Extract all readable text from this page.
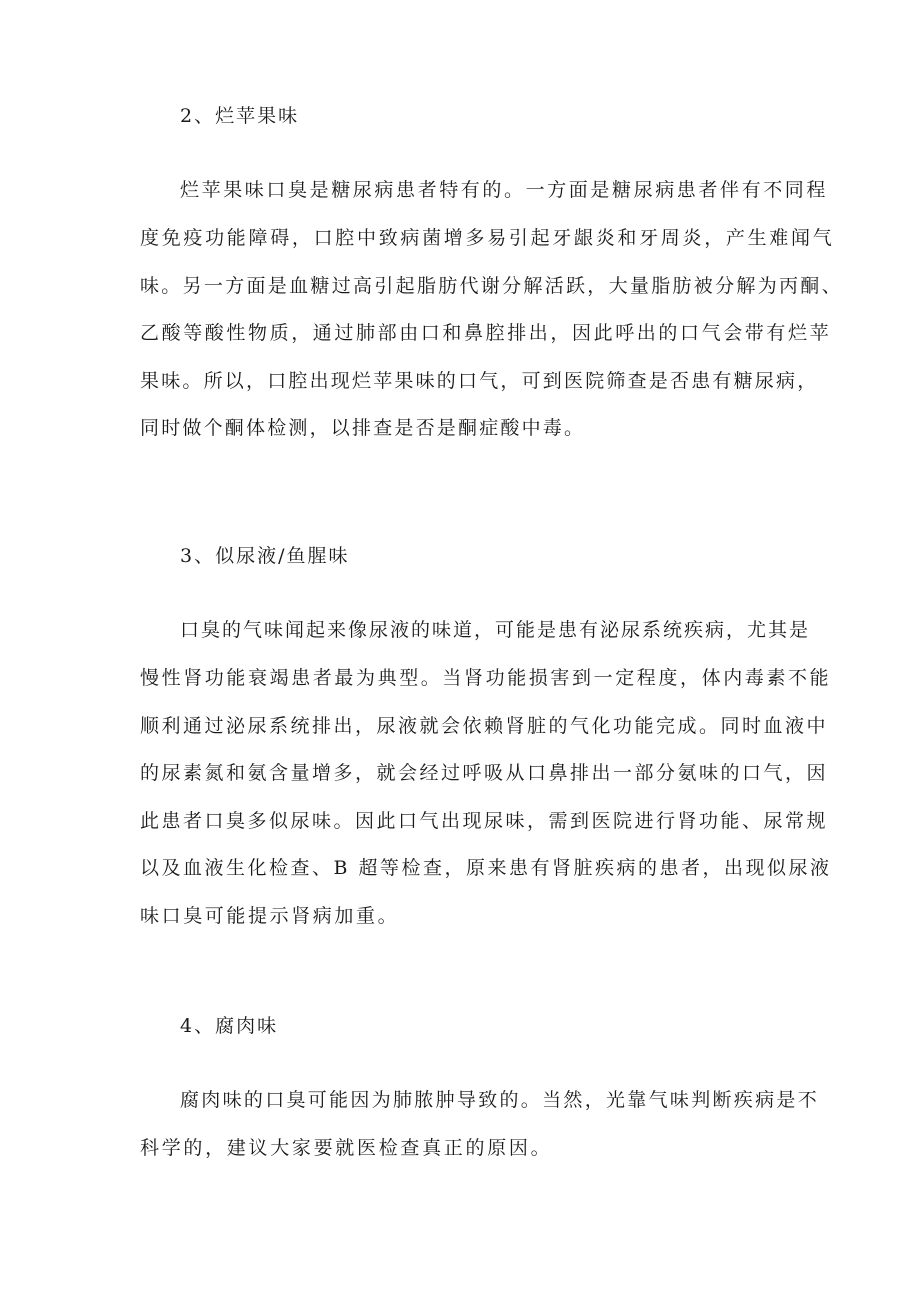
2、烂苹果味
烂苹果味口臭是糖尿病患者特有的。一方面是糖尿病患者伴有不同程
度免疫功能障碍，口腔中致病菌增多易引起牙龈炎和牙周炎，产生难闻气
味。另一方面是血糖过高引起脂肪代谢分解活跃，大量脂肪被分解为丙酮、
乙酸等酸性物质，通过肺部由口和鼻腔排出，因此呼出的口气会带有烂苹
果味。所以，口腔出现烂苹果味的口气，可到医院筛查是否患有糖尿病，
同时做个酮体检测，以排查是否是酮症酸中毒。
3、似尿液/鱼腥味
口臭的气味闻起来像尿液的味道，可能是患有泌尿系统疾病，尤其是
慢性肾功能衰竭患者最为典型。当肾功能损害到一定程度，体内毒素不能
顺利通过泌尿系统排出，尿液就会依赖肾脏的气化功能完成。同时血液中
的尿素氮和氨含量增多，就会经过呼吸从口鼻排出一部分氨味的口气，因
此患者口臭多似尿味。因此口气出现尿味，需到医院进行肾功能、尿常规
以及血液生化检查、B 超等检查，原来患有肾脏疾病的患者，出现似尿液
味口臭可能提示肾病加重。
4、腐肉味
腐肉味的口臭可能因为肺脓肿导致的。当然，光靠气味判断疾病是不
科学的，建议大家要就医检查真正的原因。
